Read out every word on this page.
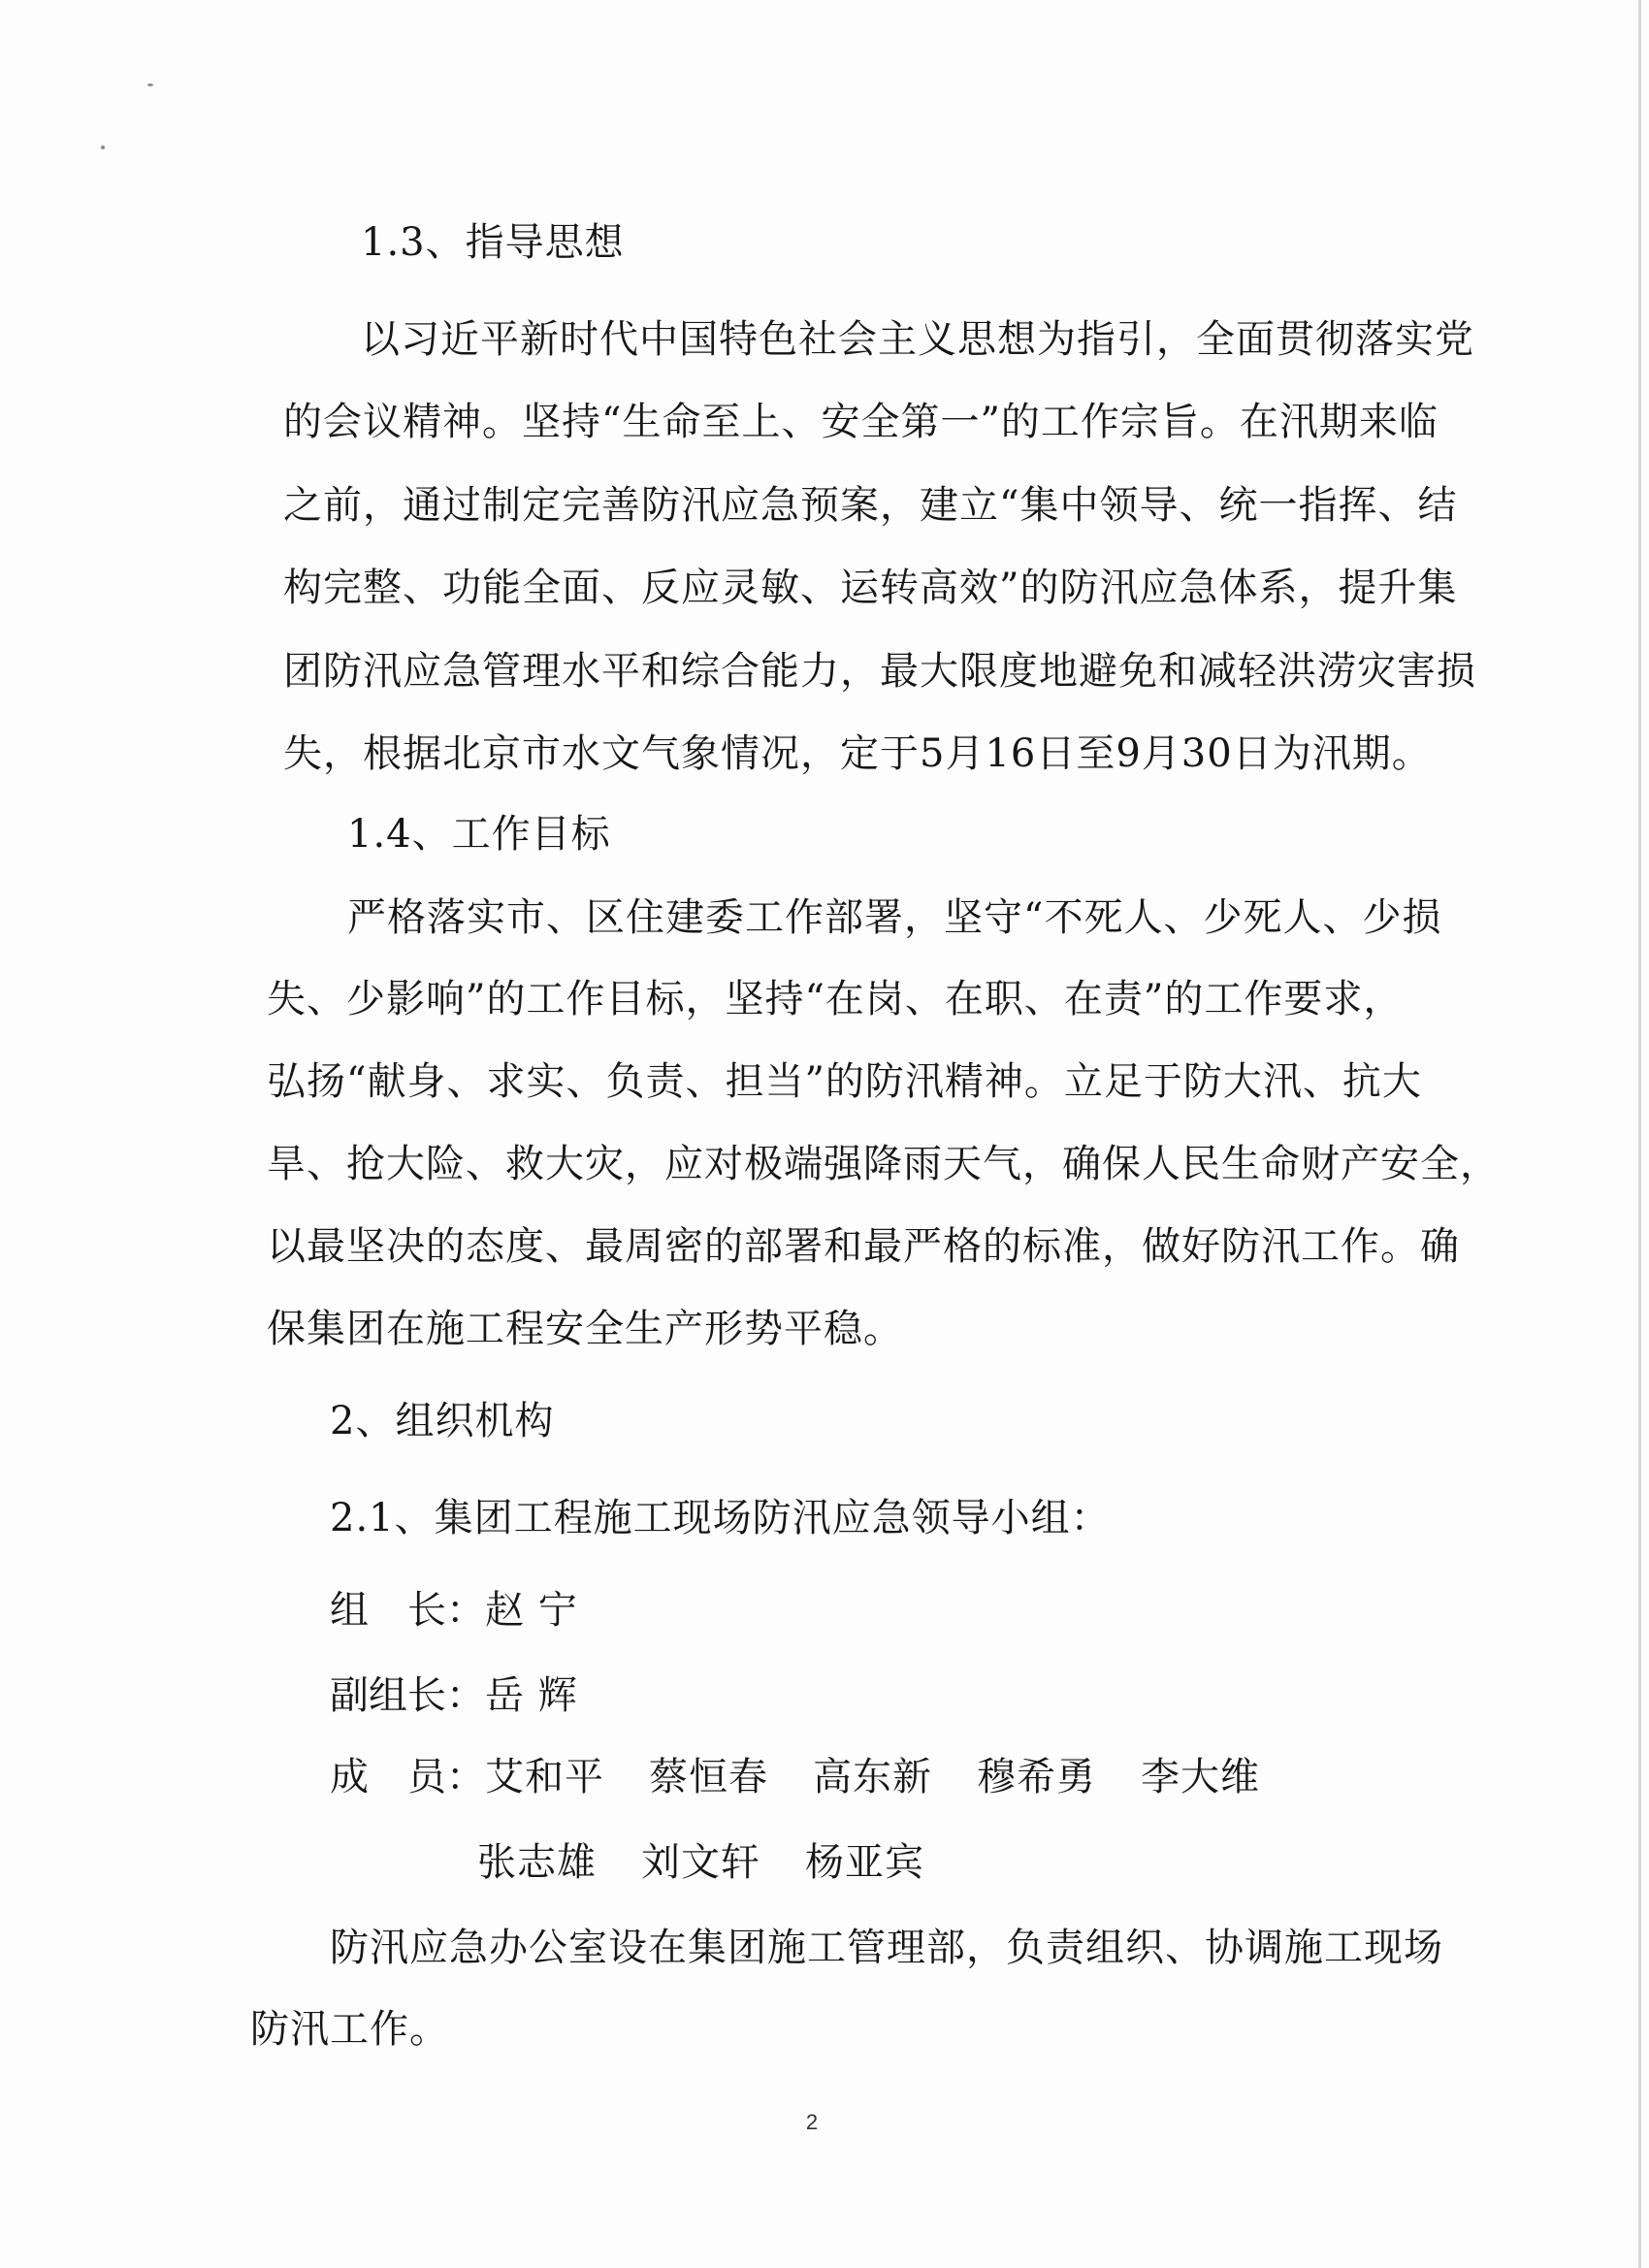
1.3、指导思想
以习近平新时代中国特色社会主义思想为指引，全面贯彻落实党
的会议精神。坚持“生命至上、安全第一”的工作宗旨。在汛期来临
之前，通过制定完善防汛应急预案，建立“集中领导、统一指挥、结
构完整、功能全面、反应灵敏、运转高效”的防汛应急体系，提升集
团防汛应急管理水平和综合能力，最大限度地避免和减轻洪涝灾害损
失，根据北京市水文气象情况，定于5月16日至9月30日为汛期。
1.4、工作目标
严格落实市、区住建委工作部署，坚守“不死人、少死人、少损
失、少影响”的工作目标，坚持“在岗、在职、在责”的工作要求，
弘扬“献身、求实、负责、担当”的防汛精神。立足于防大汛、抗大
旱、抢大险、救大灾，应对极端强降雨天气，确保人民生命财产安全，
以最坚决的态度、最周密的部署和最严格的标准，做好防汛工作。确
保集团在施工程安全生产形势平稳。
2、组织机构
2.1、集团工程施工现场防汛应急领导小组：
组　长：赵 宁
副组长：岳 辉
成　员：艾和平 蔡恒春 高东新 穆希勇 李大维
张志雄 刘文轩 杨亚宾
防汛应急办公室设在集团施工管理部，负责组织、协调施工现场
防汛工作。
2
